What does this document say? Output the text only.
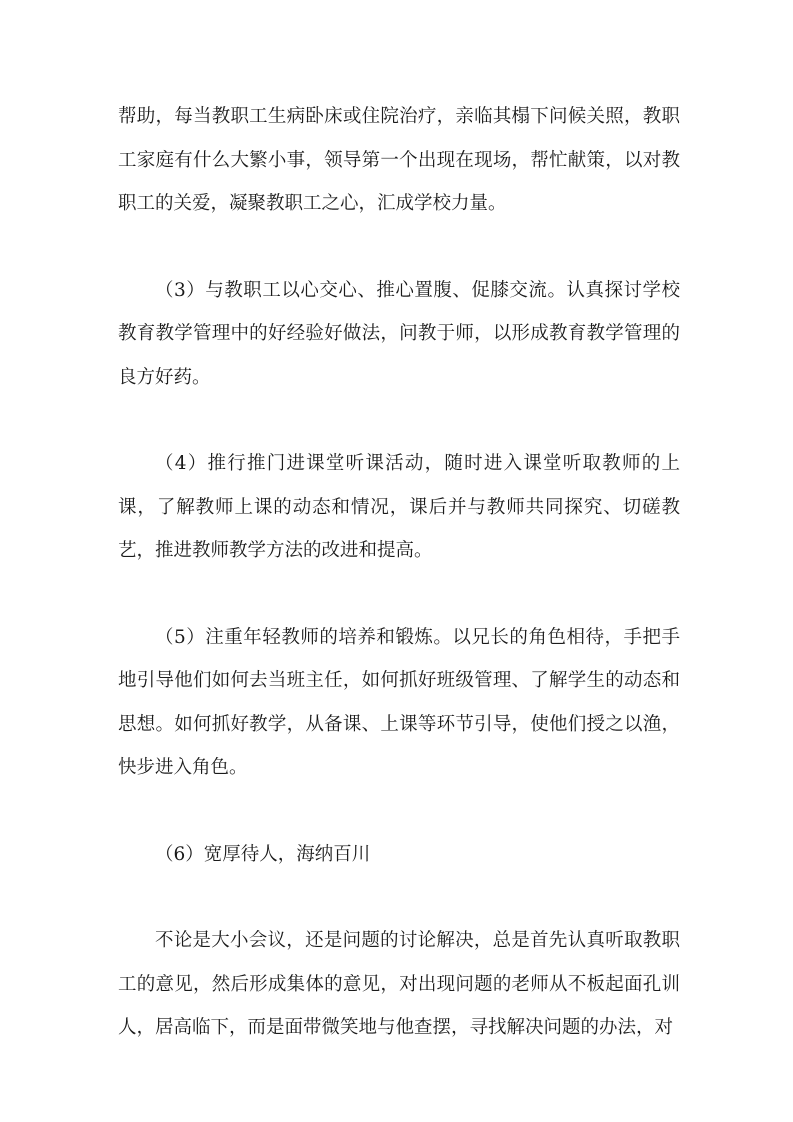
帮助，每当教职工生病卧床或住院治疗，亲临其榻下问候关照，教职工家庭有什么大繁小事，领导第一个出现在现场，帮忙献策，以对教职工的关爱，凝聚教职工之心，汇成学校力量。

（3）与教职工以心交心、推心置腹、促膝交流。认真探讨学校教育教学管理中的好经验好做法，问教于师，以形成教育教学管理的良方好药。

（4）推行推门进课堂听课活动，随时进入课堂听取教师的上课，了解教师上课的动态和情况，课后并与教师共同探究、切磋教艺，推进教师教学方法的改进和提高。

（5）注重年轻教师的培养和锻炼。以兄长的角色相待，手把手地引导他们如何去当班主任，如何抓好班级管理、了解学生的动态和思想。如何抓好教学，从备课、上课等环节引导，使他们授之以渔，快步进入角色。

（6）宽厚待人，海纳百川

不论是大小会议，还是问题的讨论解决，总是首先认真听取教职工的意见，然后形成集体的意见，对出现问题的老师从不板起面孔训人，居高临下，而是面带微笑地与他查摆，寻找解决问题的办法，对
